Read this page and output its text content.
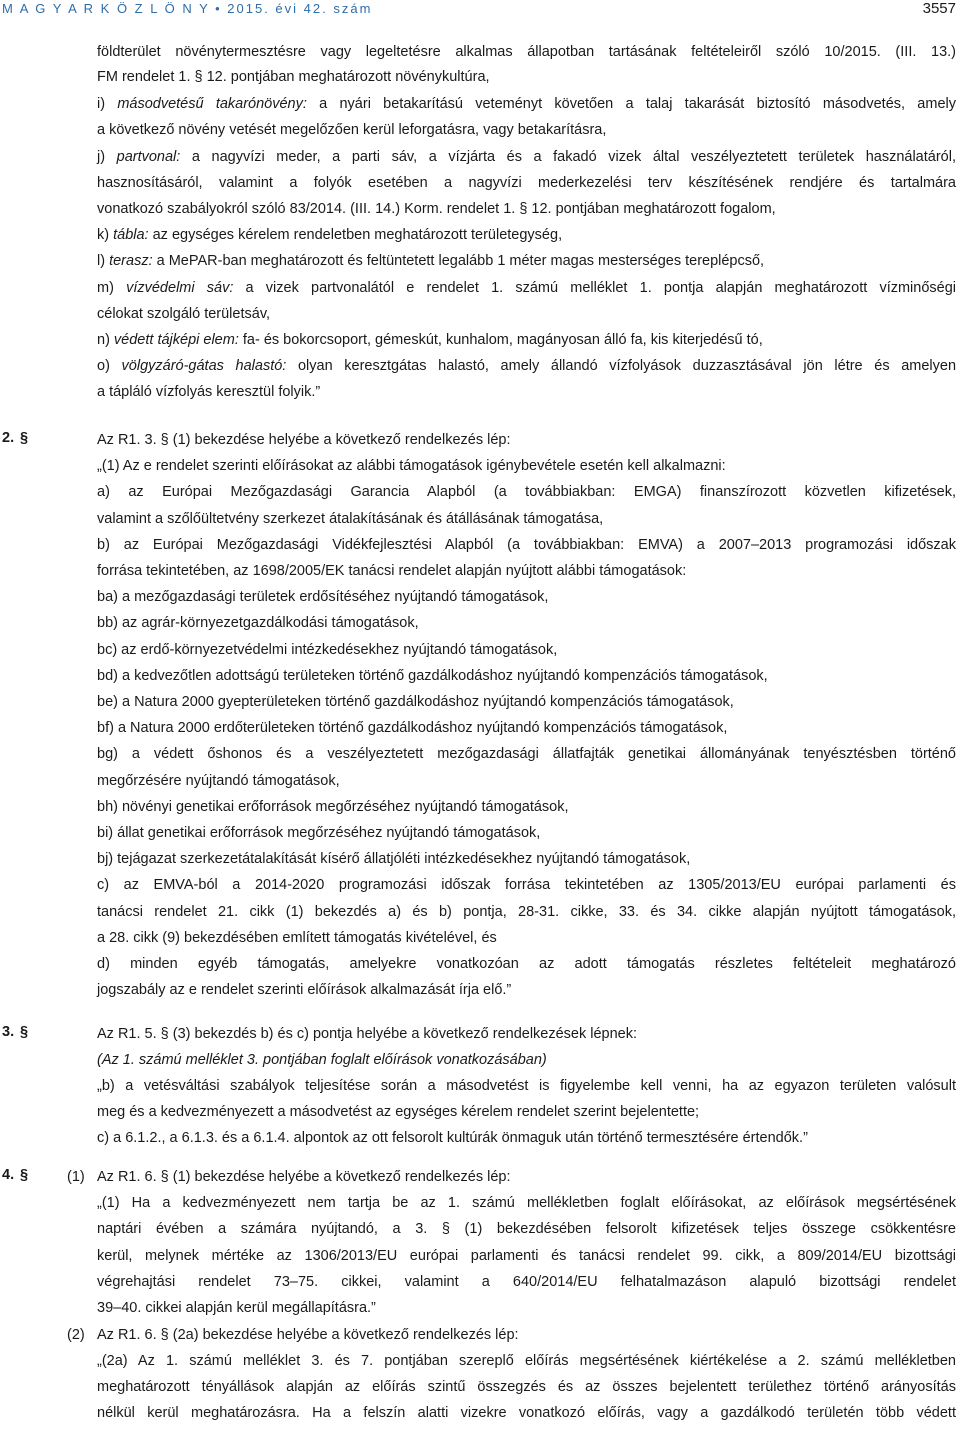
M A G Y A R K Ö Z L Ö N Y • 2015. évi 42. szám	3557
földterület növénytermesztésre vagy legeltetésre alkalmas állapotban tartásának feltételeiről szóló 10/2015. (III. 13.)
FM rendelet 1. § 12. pontjában meghatározott növénykultúra,
i) másodvetésű takarónövény: a nyári betakarítású veteményt követően a talaj takarását biztosító másodvetés, amely
a következő növény vetését megelőzően kerül leforgatásra, vagy betakarításra,
j) partvonal: a nagyvízi meder, a parti sáv, a vízjárta és a fakadó vizek által veszélyeztetett területek használatáról,
hasznosításáról, valamint a folyók esetében a nagyvízi mederkezelési terv készítésének rendjére és tartalmára
vonatkozó szabályokról szóló 83/2014. (III. 14.) Korm. rendelet 1. § 12. pontjában meghatározott fogalom,
k) tábla: az egységes kérelem rendeletben meghatározott területegység,
l) terasz: a MePAR-ban meghatározott és feltüntetett legalább 1 méter magas mesterséges tereplépcső,
m) vízvédelmi sáv: a vizek partvonalától e rendelet 1. számú melléklet 1. pontja alapján meghatározott vízminőségi
célokat szolgáló területsáv,
n) védett tájképi elem: fa- és bokorcsoport, gémeskút, kunhalom, magányosan álló fa, kis kiterjedésű tó,
o) völgyzáró-gátas halastó: olyan keresztgátas halastó, amely állandó vízfolyások duzzasztásával jön létre és amelyen
a tápláló vízfolyás keresztül folyik.”
2. §	Az R1. 3. § (1) bekezdése helyébe a következő rendelkezés lép:
„(1) Az e rendelet szerinti előírásokat az alábbi támogatások igénybevétele esetén kell alkalmazni:
a) az Európai Mezőgazdasági Garancia Alapból (a továbbiakban: EMGA) finanszírozott közvetlen kifizetések,
valamint a szőlőültetvény szerkezet átalakításának és átállásának támogatása,
b) az Európai Mezőgazdasági Vidékfejlesztési Alapból (a továbbiakban: EMVA) a 2007‒2013 programozási időszak
forrása tekintetében, az 1698/2005/EK tanácsi rendelet alapján nyújtott alábbi támogatások:
ba) a mezőgazdasági területek erdősítéséhez nyújtandó támogatások,
bb) az agrár-környezetgazdálkodási támogatások,
bc) az erdő-környezetvédelmi intézkedésekhez nyújtandó támogatások,
bd) a kedvezőtlen adottságú területeken történő gazdálkodáshoz nyújtandó kompenzációs támogatások,
be) a Natura 2000 gyepterületeken történő gazdálkodáshoz nyújtandó kompenzációs támogatások,
bf) a Natura 2000 erdőterületeken történő gazdálkodáshoz nyújtandó kompenzációs támogatások,
bg) a védett őshonos és a veszélyeztetett mezőgazdasági állatfajták genetikai állományának tenyésztésben történő
megőrzésére nyújtandó támogatások,
bh) növényi genetikai erőforrások megőrzéséhez nyújtandó támogatások,
bi) állat genetikai erőforrások megőrzéséhez nyújtandó támogatások,
bj) tejágazat szerkezetátalakítását kísérő állatjóléti intézkedésekhez nyújtandó támogatások,
c) az EMVA-ból a 2014-2020 programozási időszak forrása tekintetében az 1305/2013/EU európai parlamenti és
tanácsi rendelet 21. cikk (1) bekezdés a) és b) pontja, 28-31. cikke, 33. és 34. cikke alapján nyújtott támogatások,
a 28. cikk (9) bekezdésében említett támogatás kivételével, és
d) minden egyéb támogatás, amelyekre vonatkozóan az adott támogatás részletes feltételeit meghatározó
jogszabály az e rendelet szerinti előírások alkalmazását írja elő.”
3. §	Az R1. 5. § (3) bekezdés b) és c) pontja helyébe a következő rendelkezések lépnek:
(Az 1. számú melléklet 3. pontjában foglalt előírások vonatkozásában)
„b) a vetésváltási szabályok teljesítése során a másodvetést is figyelembe kell venni, ha az egyazon területen valósult
meg és a kedvezményezett a másodvetést az egységes kérelem rendelet szerint bejelentette;
c) a 6.1.2., a 6.1.3. és a 6.1.4. alpontok az ott felsorolt kultúrák önmaguk után történő termesztésére értendők.”
4. §	(1) Az R1. 6. § (1) bekezdése helyébe a következő rendelkezés lép:
„(1) Ha a kedvezményezett nem tartja be az 1. számú mellékletben foglalt előírásokat, az előírások megsértésének
naptári évében a számára nyújtandó, a 3. § (1) bekezdésében felsorolt kifizetések teljes összege csökkentésre
kerül, melynek mértéke az 1306/2013/EU európai parlamenti és tanácsi rendelet 99. cikk, a 809/2014/EU bizottsági
végrehajtási rendelet 73‒75. cikkei, valamint a 640/2014/EU felhatalmazáson alapuló bizottsági rendelet
39‒40. cikkei alapján kerül megállapításra.”
(2) Az R1. 6. § (2a) bekezdése helyébe a következő rendelkezés lép:
„(2a) Az 1. számú melléklet 3. és 7. pontjában szereplő előírás megsértésének kiértékelése a 2. számú mellékletben
meghatározott tényállások alapján az előírás szintű összegzés és az összes bejelentett területhez történő arányosítás
nélkül kerül meghatározásra. Ha a felszín alatti vizekre vonatkozó előírás, vagy a gazdálkodó területén több védett
